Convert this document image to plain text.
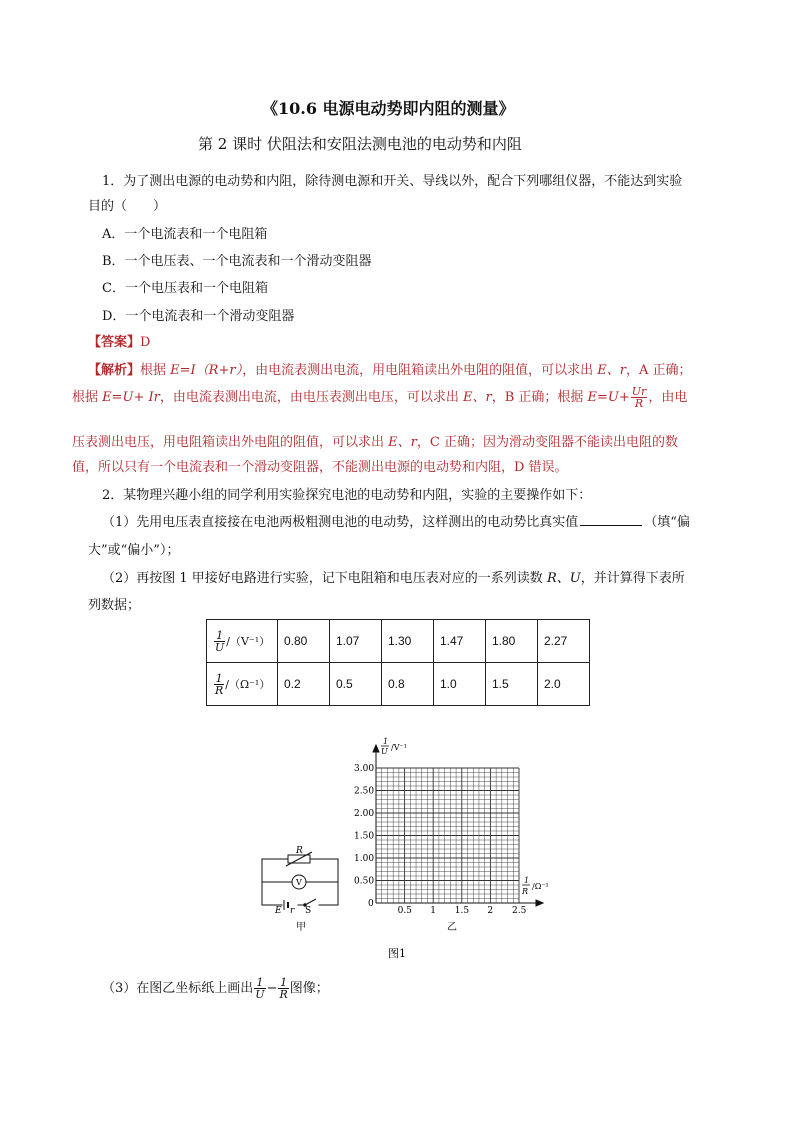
《10.6 电源电动势即内阻的测量》
第 2 课时 伏阻法和安阻法测电池的电动势和内阻
1．为了测出电源的电动势和内阻，除待测电源和开关、导线以外，配合下列哪组仪器，不能达到实验
目的（　　）
A．一个电流表和一个电阻箱
B．一个电压表、一个电流表和一个滑动变阻器
C．一个电压表和一个电阻箱
D．一个电流表和一个滑动变阻器
【答案】D
【解析】根据 E=I（R+r），由电流表测出电流，用电阻箱读出外电阻的阻值，可以求出 E、r，A 正确；
根据 E=U+ Ir，由电流表测出电流，由电压表测出电压，可以求出 E、r，B 正确；根据 $E=U+ \frac{Ur}{R}$ ，由电
压表测出电压，用电阻箱读出外电阻的阻值，可以求出 E、r，C 正确；因为滑动变阻器不能读出电阻的数
值，所以只有一个电流表和一个滑动变阻器，不能测出电源的电动势和内阻，D 错误。
2．某物理兴趣小组的同学利用实验探究电池的电动势和内阻，实验的主要操作如下：
（1）先用电压表直接接在电池两极粗测电池的电动势，这样测出的电动势比真实值	（填“偏
大”或“偏小”）；
（2）再按图 1 甲接好电路进行实验，记下电阻箱和电压表对应的一系列读数 R、U，并计算得下表所
列数据；
$\frac{1}{U} /(V^{-1})$	0.80	1.07	1.30	1.47	1.80	2.27

$\frac{1}{R} /(\Omega^{-1})$	0.2	0.5	0.8	1.0	1.5	2.0
R
V
E r S
甲
0.5 1 1.5 2 2.5
0.50
1.00
1.50
2.00
2.50
3.00
1
U /V⁻¹
1
R
/Ω⁻¹
0
乙
图1
（3）在图乙坐标纸上画出 $\frac{1}{U} - \frac{1}{R}$ 图像；
